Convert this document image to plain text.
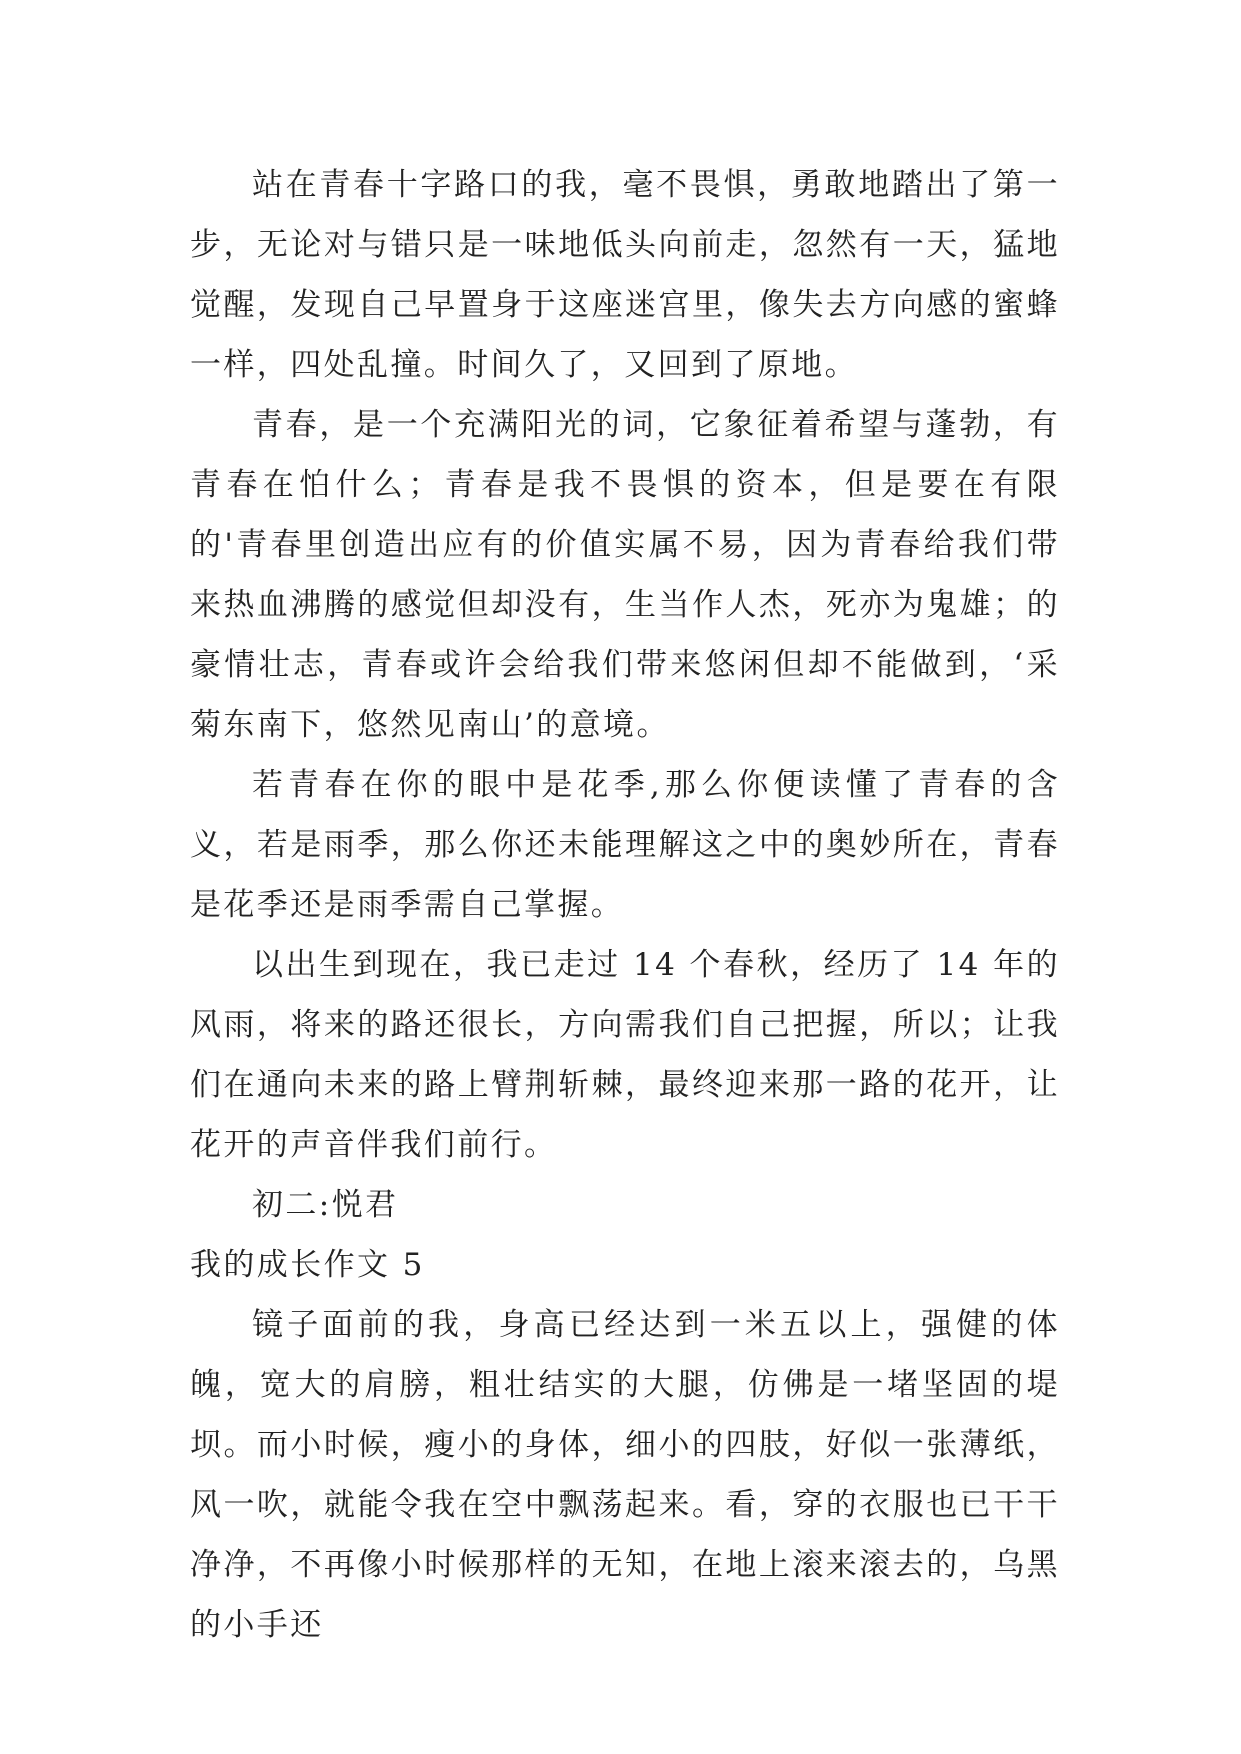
站在青春十字路口的我，毫不畏惧，勇敢地踏出了第一步，无论对与错只是一味地低头向前走，忽然有一天，猛地觉醒，发现自己早置身于这座迷宫里，像失去方向感的蜜蜂一样，四处乱撞。时间久了，又回到了原地。

青春，是一个充满阳光的词，它象征着希望与蓬勃，有青春在怕什么；青春是我不畏惧的资本，但是要在有限的'青春里创造出应有的价值实属不易，因为青春给我们带来热血沸腾的感觉但却没有，生当作人杰，死亦为鬼雄；的豪情壮志，青春或许会给我们带来悠闲但却不能做到，‘采菊东南下，悠然见南山’的意境。

若青春在你的眼中是花季,那么你便读懂了青春的含义，若是雨季，那么你还未能理解这之中的奥妙所在，青春是花季还是雨季需自己掌握。

以出生到现在，我已走过 14 个春秋，经历了 14 年的风雨，将来的路还很长，方向需我们自己把握，所以；让我们在通向未来的路上臂荆斩棘，最终迎来那一路的花开，让花开的声音伴我们前行。

初二:悦君

我的成长作文 5

镜子面前的我，身高已经达到一米五以上，强健的体魄，宽大的肩膀，粗壮结实的大腿，仿佛是一堵坚固的堤坝。而小时候，瘦小的身体，细小的四肢，好似一张薄纸，风一吹，就能令我在空中飘荡起来。看，穿的衣服也已干干净净，不再像小时候那样的无知，在地上滚来滚去的，乌黑的小手还
